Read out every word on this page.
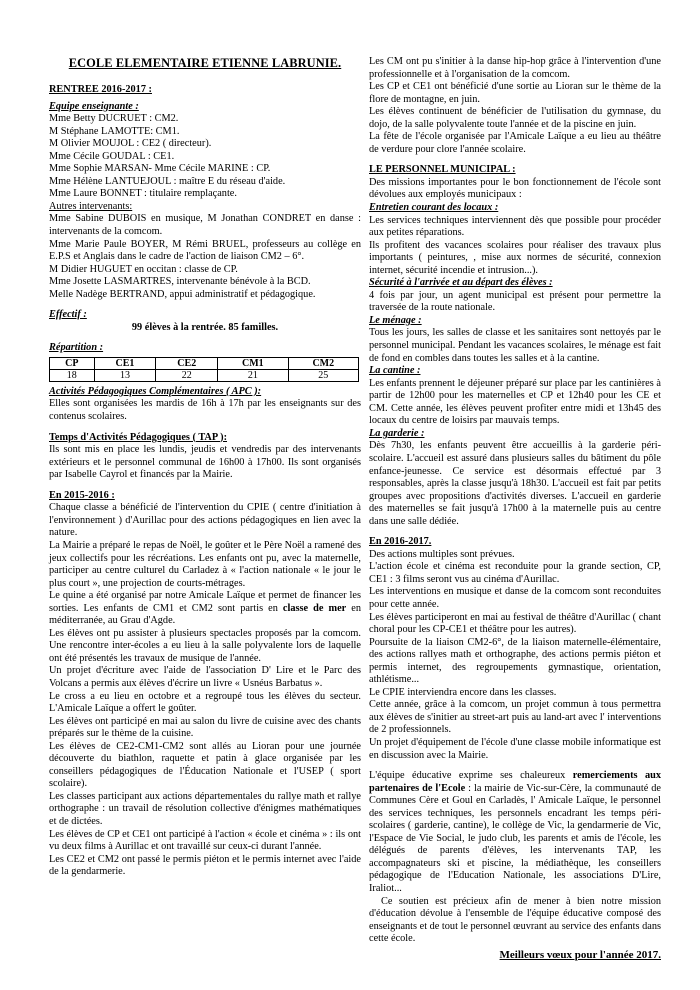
ECOLE ELEMENTAIRE ETIENNE LABRUNIE.
RENTREE 2016-2017 :
Equipe enseignante :

Mme Betty DUCRUET : CM2.

M Stéphane LAMOTTE: CM1.

M Olivier MOUJOL : CE2 ( directeur).

Mme Cécile GOUDAL : CE1.

Mme Sophie MARSAN- Mme Cécile MARINE : CP.

Mme Hélène LANTUEJOUL : maître E du réseau d'aide.

Mme Laure BONNET : titulaire remplaçante.

Autres intervenants:

Mme Sabine DUBOIS en musique, M Jonathan CONDRET en danse : intervenants de la comcom.

Mme Marie Paule BOYER, M Rémi BRUEL, professeurs au collège en E.P.S et Anglais dans le cadre de l'action de liaison CM2 – 6°.

M Didier HUGUET en occitan : classe de CP.

Mme Josette LASMARTRES, intervenante bénévole à la BCD.

Melle Nadège BERTRAND, appui administratif et pédagogique.

Effectif :

99 élèves à la rentrée. 85 familles.

Répartition :
CP	CE1	CE2	CM1	CM2
18	13	22	21	25
Activités Pédagogiques Complémentaires ( APC ):

Elles sont organisées les mardis de 16h à 17h par les enseignants sur des contenus scolaires.

Temps d'Activités Pédagogiques ( TAP ):

Ils sont mis en place les lundis, jeudis et vendredis par des intervenants extérieurs et le personnel communal de 16h00 à 17h00. Ils sont organisés par Isabelle Cayrol et financés par la Mairie.

En 2015-2016 :

Chaque classe a bénéficié de l'intervention du CPIE ( centre d'initiation à l'environnement ) d'Aurillac pour des actions pédagogiques en lien avec la nature.

La Mairie a préparé le repas de Noël, le goûter et le Père Noël a ramené des jeux collectifs pour les récréations. Les enfants ont pu, avec la maternelle, participer au centre culturel du Carladez à « l'action nationale « le jour le plus court », une projection de courts-métrages.

Le quine a été organisé par notre Amicale Laïque et permet de financer les sorties. Les enfants de CM1 et CM2 sont partis en classe de mer en méditerranée, au Grau d'Agde.

Les élèves ont pu assister à plusieurs spectacles proposés par la comcom. Une rencontre inter-écoles a eu lieu à la salle polyvalente lors de laquelle ont été présentés les travaux de musique de l'année.

Un projet d'écriture avec l'aide de l'association D' Lire et le Parc des Volcans a permis aux élèves d'écrire un livre « Usnéus Barbatus ».

Le cross a eu lieu en octobre et a regroupé tous les élèves du secteur. L'Amicale Laïque a offert le goûter.

Les élèves ont participé en mai au salon du livre de cuisine avec des chants préparés sur le thème de la cuisine.

Les élèves de CE2-CM1-CM2 sont allés au Lioran pour une journée découverte du biathlon, raquette et patin à glace organisée par les conseillers pédagogiques de l'Éducation Nationale et l'USEP ( sport scolaire).

Les classes participant aux actions départementales du rallye math et rallye orthographe : un travail de résolution collective d'énigmes mathématiques et de dictées.

Les élèves de CP et CE1 ont participé à l'action « école et cinéma » : ils ont vu deux films à Aurillac et ont travaillé sur ceux-ci durant l'année.

Les CE2 et CM2 ont passé le permis piéton et le permis internet avec l'aide de la gendarmerie.

Les CM ont pu s'initier à la danse hip-hop grâce à l'intervention d'une professionnelle et à l'organisation de la comcom.

Les CP et CE1 ont bénéficié d'une sortie au Lioran sur le thème de la flore de montagne, en juin.

Les élèves continuent de bénéficier de l'utilisation du gymnase, du dojo, de la salle polyvalente toute l'année et de la piscine en juin.

La fête de l'école organisée par l'Amicale Laïque a eu lieu au théâtre de verdure pour clore l'année scolaire.

LE PERSONNEL MUNICIPAL :

Des missions importantes pour le bon fonctionnement de l'école sont dévolues aux employés municipaux :

Entretien courant des locaux :

Les services techniques interviennent dès que possible pour procéder aux petites réparations.

Ils profitent des vacances scolaires pour réaliser des travaux plus importants ( peintures, , mise aux normes de sécurité, connexion internet, sécurité incendie et intrusion...).

Sécurité à l'arrivée et au départ des élèves :

4 fois par jour, un agent municipal est présent pour permettre la traversée de la route nationale.

Le ménage :

Tous les jours, les salles de classe et les sanitaires sont nettoyés par le personnel municipal. Pendant les vacances scolaires, le ménage est fait de fond en combles dans toutes les salles et à la cantine.

La cantine :

Les enfants prennent le déjeuner préparé sur place par les cantinières à partir de 12h00 pour les maternelles et CP et 12h40 pour les CE et CM. Cette année, les élèves peuvent profiter entre midi et 13h45 des locaux du centre de loisirs par mauvais temps.

La garderie :

Dès 7h30, les enfants peuvent être accueillis à la garderie péri-scolaire. L'accueil est assuré dans plusieurs salles du bâtiment du pôle enfance-jeunesse. Ce service est désormais effectué par 3 responsables, après la classe jusqu'à 18h30. L'accueil est fait par petits groupes avec propositions d'activités diverses. L'accueil en garderie des maternelles se fait jusqu'à 17h00 à la maternelle puis au centre dans une salle dédiée.

En 2016-2017.

Des actions multiples sont prévues.

L'action école et cinéma est reconduite pour la grande section, CP, CE1 : 3 films seront vus au cinéma d'Aurillac.

Les interventions en musique et danse de la comcom sont reconduites pour cette année.

Les élèves participeront en mai au festival de théâtre d'Aurillac ( chant choral pour les CP-CE1 et théâtre pour les autres).

Poursuite de la liaison CM2-6°, de la liaison maternelle-élémentaire, des actions rallyes math et orthographe, des actions permis piéton et permis internet, des regroupements gymnastique, orientation, athlétisme...

Le CPIE interviendra encore dans les classes.

Cette année, grâce à la comcom, un projet commun à tous permettra aux élèves de s'initier au street-art puis au land-art avec l' interventions de 2 professionnels.

Un projet d'équipement de l'école d'une classe mobile informatique est en discussion avec la Mairie.

L'équipe éducative exprime ses chaleureux remerciements aux partenaires de l'Ecole : la mairie de Vic-sur-Cère, la communauté de Communes Cère et Goul en Carladès, l' Amicale Laïque, le personnel des services techniques, les personnels encadrant les temps péri-scolaires ( garderie, cantine), le collège de Vic, la gendarmerie de Vic, l'Espace de Vie Social, le judo club, les parents et amis de l'école, les délégués de parents d'élèves, les intervenants TAP, les accompagnateurs ski et piscine, la médiathèque, les conseillers pédagogique de l'Education Nationale, les associations D'Lire, Iraliot...

Ce soutien est précieux afin de mener à bien notre mission d'éducation dévolue à l'ensemble de l'équipe éducative composé des enseignants et de tout le personnel œuvrant au service des enfants dans cette école.

Meilleurs vœux pour l'année 2017.
